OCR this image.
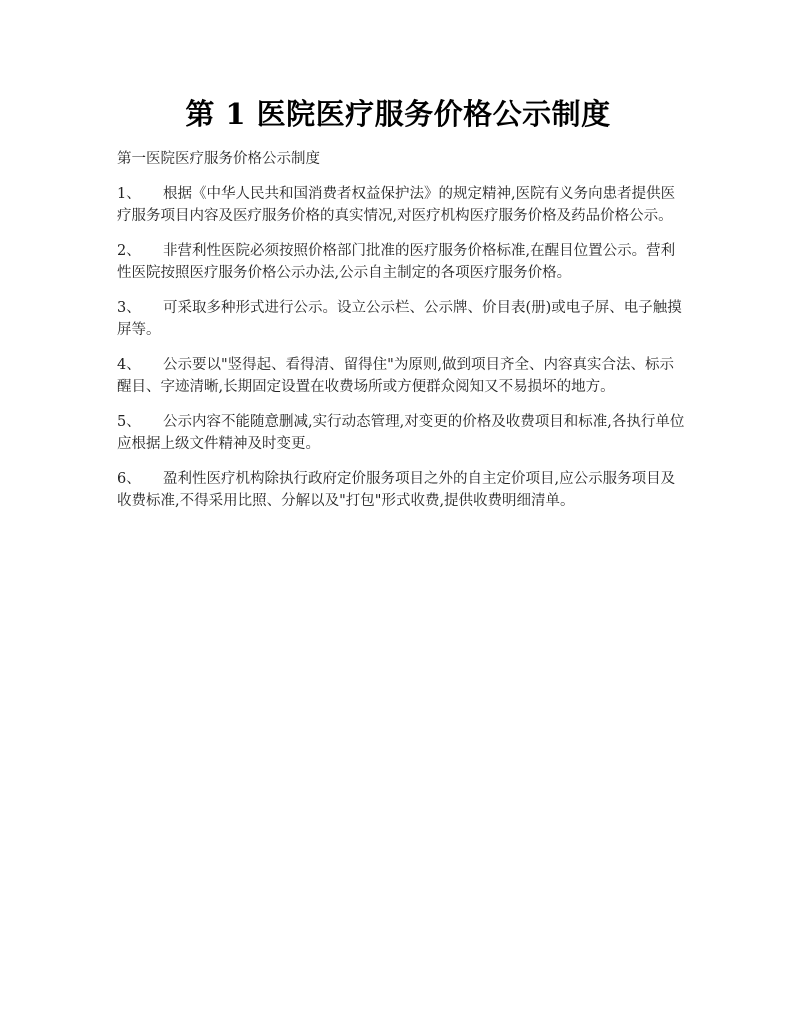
第 1 医院医疗服务价格公示制度

第一医院医疗服务价格公示制度

1、 根据《中华人民共和国消费者权益保护法》的规定精神,医院有义务向患者提供医疗服务项目内容及医疗服务价格的真实情况,对医疗机构医疗服务价格及药品价格公示。

2、 非营利性医院必须按照价格部门批准的医疗服务价格标准,在醒目位置公示。营利性医院按照医疗服务价格公示办法,公示自主制定的各项医疗服务价格。

3、 可采取多种形式进行公示。设立公示栏、公示牌、价目表(册)或电子屏、电子触摸屏等。

4、 公示要以"竖得起、看得清、留得住"为原则,做到项目齐全、内容真实合法、标示醒目、字迹清晰,长期固定设置在收费场所或方便群众阅知又不易损坏的地方。

5、 公示内容不能随意删减,实行动态管理,对变更的价格及收费项目和标准,各执行单位应根据上级文件精神及时变更。

6、 盈利性医疗机构除执行政府定价服务项目之外的自主定价项目,应公示服务项目及收费标准,不得采用比照、分解以及"打包"形式收费,提供收费明细清单。
